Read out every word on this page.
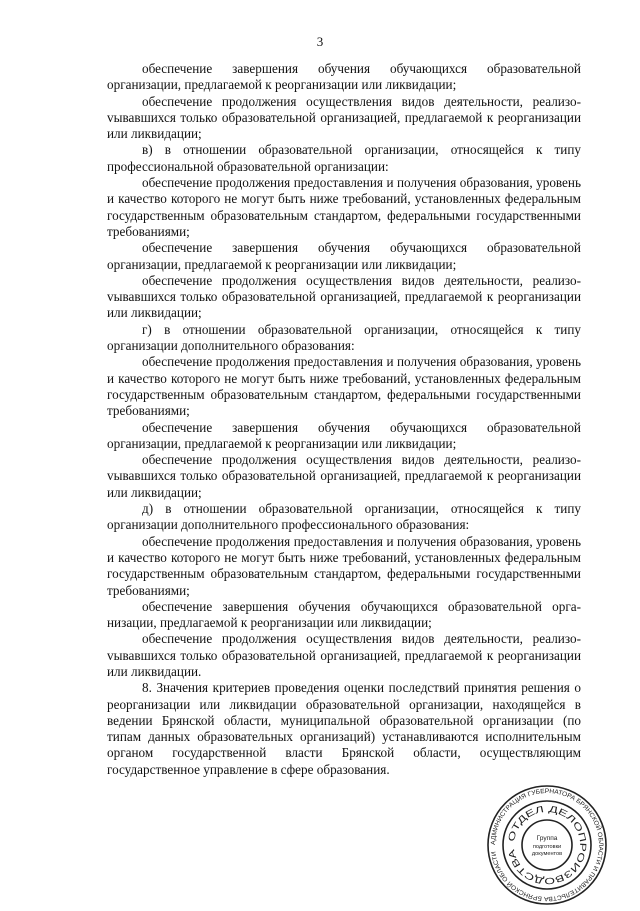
3

обеспечение завершения обучения обучающихся образовательной организации, предлагаемой к реорганизации или ликвидации;

обеспечение продолжения осуществления видов деятельности, реализоvывавшихся только образовательной организацией, предлагаемой к реорганизации или ликвидации;

в) в отношении образовательной организации, относящейся к типу профессиональной образовательной организации:

обеспечение продолжения предоставления и получения образования, уровень и качество которого не могут быть ниже требований, установленных федеральным государственным образовательным стандартом, федеральными государственными требованиями;

обеспечение завершения обучения обучающихся образовательной организации, предлагаемой к реорганизации или ликвидации;

обеспечение продолжения осуществления видов деятельности, реализоvывавшихся только образовательной организацией, предлагаемой к реорганизации или ликвидации;

г) в отношении образовательной организации, относящейся к типу организации дополнительного образования:

обеспечение продолжения предоставления и получения образования, уровень и качество которого не могут быть ниже требований, установленных федеральным государственным образовательным стандартом, федеральными государственными требованиями;

обеспечение завершения обучения обучающихся образовательной организации, предлагаемой к реорганизации или ликвидации;

обеспечение продолжения осуществления видов деятельности, реализоvывавшихся только образовательной организацией, предлагаемой к реорганизации или ликвидации;

д) в отношении образовательной организации, относящейся к типу организации дополнительного профессионального образования:

обеспечение продолжения предоставления и получения образования, уровень и качество которого не могут быть ниже требований, установленных федеральным государственным образовательным стандартом, федеральными государственными требованиями;

обеспечение завершения обучения обучающихся образовательной организации, предлагаемой к реорганизации или ликвидации;

обеспечение продолжения осуществления видов деятельности, реализоvывавшихся только образовательной организацией, предлагаемой к реорганизации или ликвидации.

8. Значения критериев проведения оценки последствий принятия решения о реорганизации или ликвидации образовательной организации, находящейся в ведении Брянской области, муниципальной образовательной организации (по типам данных образовательных организаций) устанавливаются исполнительным органом государственной власти Брянской области, осуществляющим государственное управление в сфере образования.

АДМИНИСТРАЦИЯ ГУБЕРНАТОРА БРЯНСКОЙ ОБЛАСТИ И ПРАВИТЕЛЬСТВА БРЯНСКОЙ ОБЛАСТИ
ОТДЕЛ ДЕЛОПРОИЗВОДСТВА
Группа
подготовки
документов
